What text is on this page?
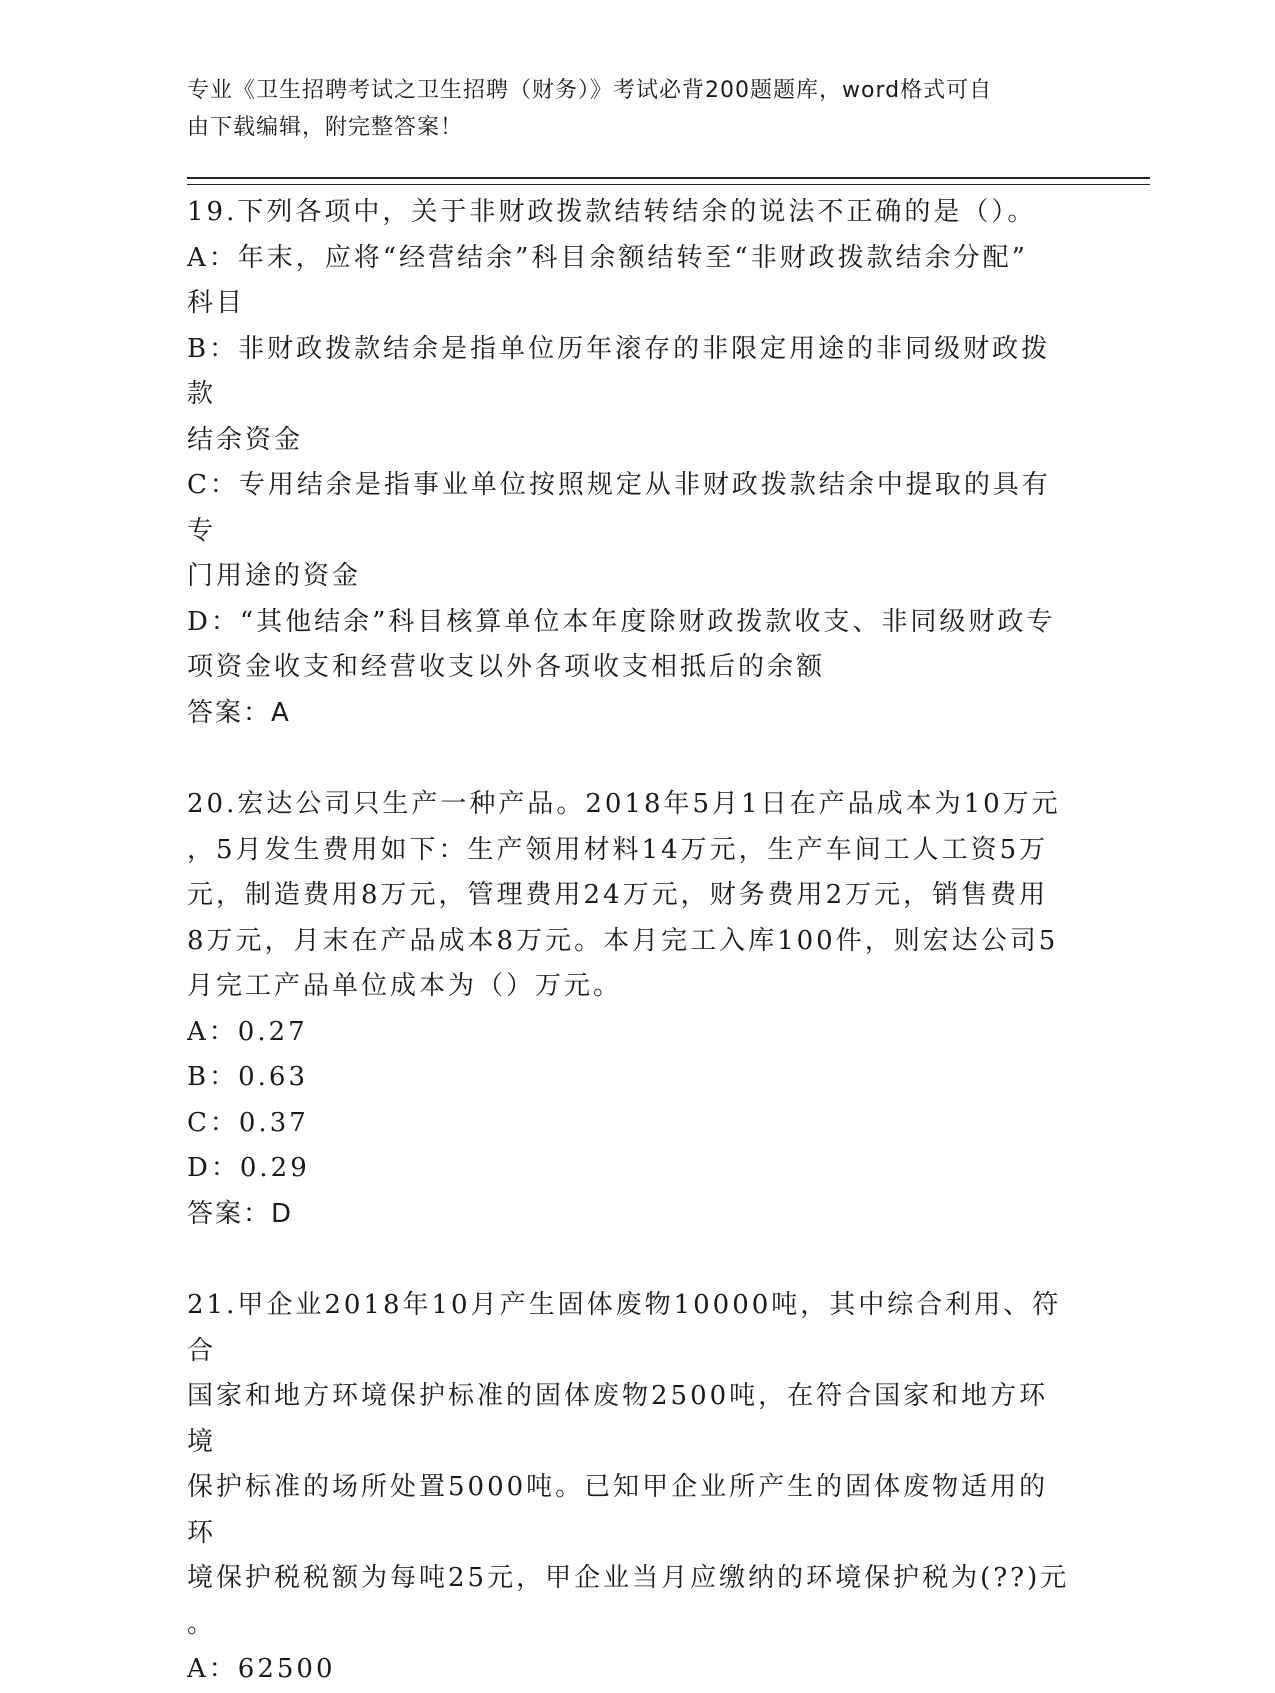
专业《卫生招聘考试之卫生招聘（财务）》考试必背200题题库，word格式可自
由下载编辑，附完整答案！

19.下列各项中，关于非财政拨款结转结余的说法不正确的是（）。

A：年末，应将“经营结余”科目余额结转至“非财政拨款结余分配”

科目

B：非财政拨款结余是指单位历年滚存的非限定用途的非同级财政拨款

结余资金

C：专用结余是指事业单位按照规定从非财政拨款结余中提取的具有专

门用途的资金

D：“其他结余”科目核算单位本年度除财政拨款收支、非同级财政专

项资金收支和经营收支以外各项收支相抵后的余额

答案：A

20.宏达公司只生产一种产品。2018年5月1日在产品成本为10万元

，5月发生费用如下：生产领用材料14万元，生产车间工人工资5万

元，制造费用8万元，管理费用24万元，财务费用2万元，销售费用

8万元，月末在产品成本8万元。本月完工入库100件，则宏达公司5

月完工产品单位成本为（）万元。

A：0.27

B：0.63

C：0.37

D：0.29

答案：D

21.甲企业2018年10月产生固体废物10000吨，其中综合利用、符合

国家和地方环境保护标准的固体废物2500吨，在符合国家和地方环境

保护标准的场所处置5000吨。已知甲企业所产生的固体废物适用的环

境保护税税额为每吨25元，甲企业当月应缴纳的环境保护税为(??)元

。

A：62500
